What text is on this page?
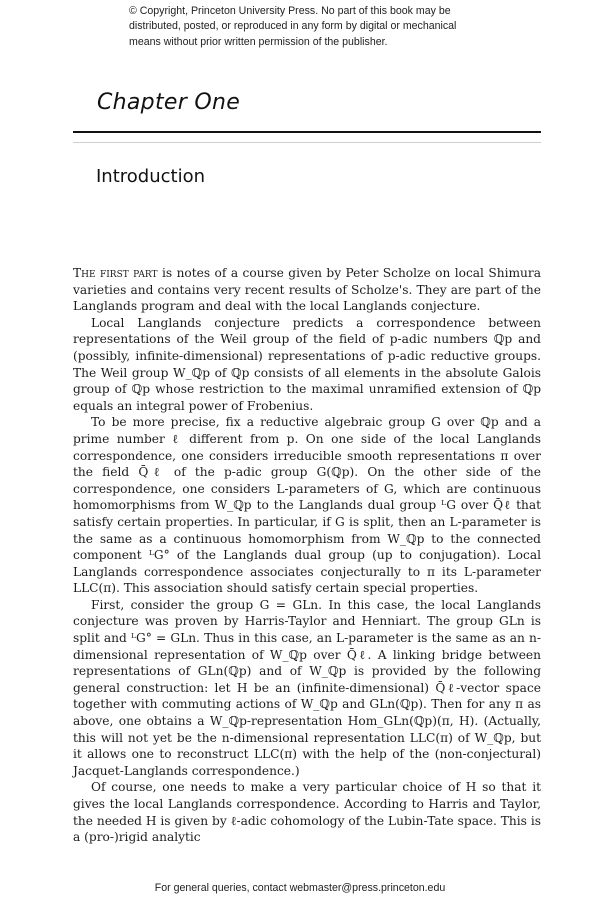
© Copyright, Princeton University Press. No part of this book may be
distributed, posted, or reproduced in any form by digital or mechanical
means without prior written permission of the publisher.
Chapter One
Introduction

The first part is notes of a course given by Peter Scholze on local Shimura varieties and contains very recent results of Scholze's. They are part of the Langlands program and deal with the local Langlands conjecture.

Local Langlands conjecture predicts a correspondence between representations of the Weil group of the field of p-adic numbers ℚp and (possibly, infinite-dimensional) representations of p-adic reductive groups. The Weil group W_ℚp of ℚp consists of all elements in the absolute Galois group of ℚp whose restriction to the maximal unramified extension of ℚp equals an integral power of Frobenius.

To be more precise, fix a reductive algebraic group G over ℚp and a prime number ℓ different from p. On one side of the local Langlands correspondence, one considers irreducible smooth representations π over the field Q̄ℓ of the p-adic group G(ℚp). On the other side of the correspondence, one considers L-parameters of G, which are continuous homomorphisms from W_ℚp to the Langlands dual group ᴸG over Q̄ℓ that satisfy certain properties. In particular, if G is split, then an L-parameter is the same as a continuous homomorphism from W_ℚp to the connected component ᴸG° of the Langlands dual group (up to conjugation). Local Langlands correspondence associates conjecturally to π its L-parameter LLC(π). This association should satisfy certain special properties.

First, consider the group G = GLn. In this case, the local Langlands conjecture was proven by Harris-Taylor and Henniart. The group GLn is split and ᴸG° = GLn. Thus in this case, an L-parameter is the same as an n-dimensional representation of W_ℚp over Q̄ℓ. A linking bridge between representations of GLn(ℚp) and of W_ℚp is provided by the following general construction: let H be an (infinite-dimensional) Q̄ℓ-vector space together with commuting actions of W_ℚp and GLn(ℚp). Then for any π as above, one obtains a W_ℚp-representation Hom_GLn(ℚp)(π, H). (Actually, this will not yet be the n-dimensional representation LLC(π) of W_ℚp, but it allows one to reconstruct LLC(π) with the help of the (non-conjectural) Jacquet-Langlands correspondence.)

Of course, one needs to make a very particular choice of H so that it gives the local Langlands correspondence. According to Harris and Taylor, the needed H is given by ℓ-adic cohomology of the Lubin-Tate space. This is a (pro-)rigid analytic

For general queries, contact webmaster@press.princeton.edu
